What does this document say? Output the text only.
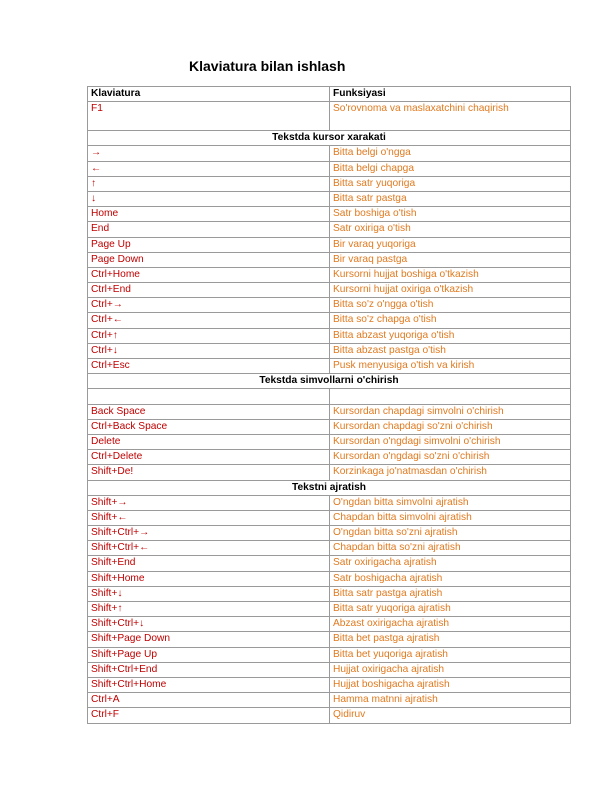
Klaviatura bilan ishlash
Klaviatura	Funksiyasi
F1	So'rovnoma va maslaxatchini chaqirish
Tekstda kursor xarakati	
→	Bitta belgi o'ngga
←	Bitta belgi chapga
↑	Bitta satr yuqoriga
↓	Bitta satr pastga
Home	Satr boshiga o'tish
End	Satr oxiriga o'tish
Page Up	Bir varaq yuqoriga
Page Down	Bir varaq pastga
Ctrl+Home	Kursorni hujjat boshiga o'tkazish
Ctrl+End	Kursorni hujjat oxiriga o'tkazish
Ctrl+→	Bitta so'z o'ngga o'tish
Ctrl+←	Bitta so'z chapga o'tish
Ctrl+↑	Bitta abzast yuqoriga o'tish
Ctrl+↓	Bitta abzast pastga o'tish
Ctrl+Esc	Pusk menyusiga o'tish va kirish
Tekstda simvollarni o'chirish	

Back Space	Kursordan chapdagi simvolni o'chirish
Ctrl+Back Space	Kursordan chapdagi so'zni o'chirish
Delete	Kursordan o'ngdagi simvolni o'chirish
Ctrl+Delete	Kursordan o'ngdagi so'zni o'chirish
Shift+De!	Korzinkaga jo'natmasdan o'chirish
Tekstni ajratish	
Shift+→	O'ngdan bitta simvolni ajratish
Shift+←	Chapdan bitta simvolni ajratish
Shift+Ctrl+→	O'ngdan bitta so'zni ajratish
Shift+Ctrl+←	Chapdan bitta so'zni ajratish
Shift+End	Satr oxirigacha ajratish
Shift+Home	Satr boshigacha ajratish
Shift+↓	Bitta satr pastga ajratish
Shift+↑	Bitta satr yuqoriga ajratish
Shift+Ctrl+↓	Abzast oxirigacha ajratish
Shift+Page Down	Bitta bet pastga ajratish
Shift+Page Up	Bitta bet yuqoriga ajratish
Shift+Ctrl+End	Hujjat oxirigacha ajratish
Shift+Ctrl+Home	Hujjat boshigacha ajratish
Ctrl+A	Hamma matnni ajratish
Ctrl+F	Qidiruv
